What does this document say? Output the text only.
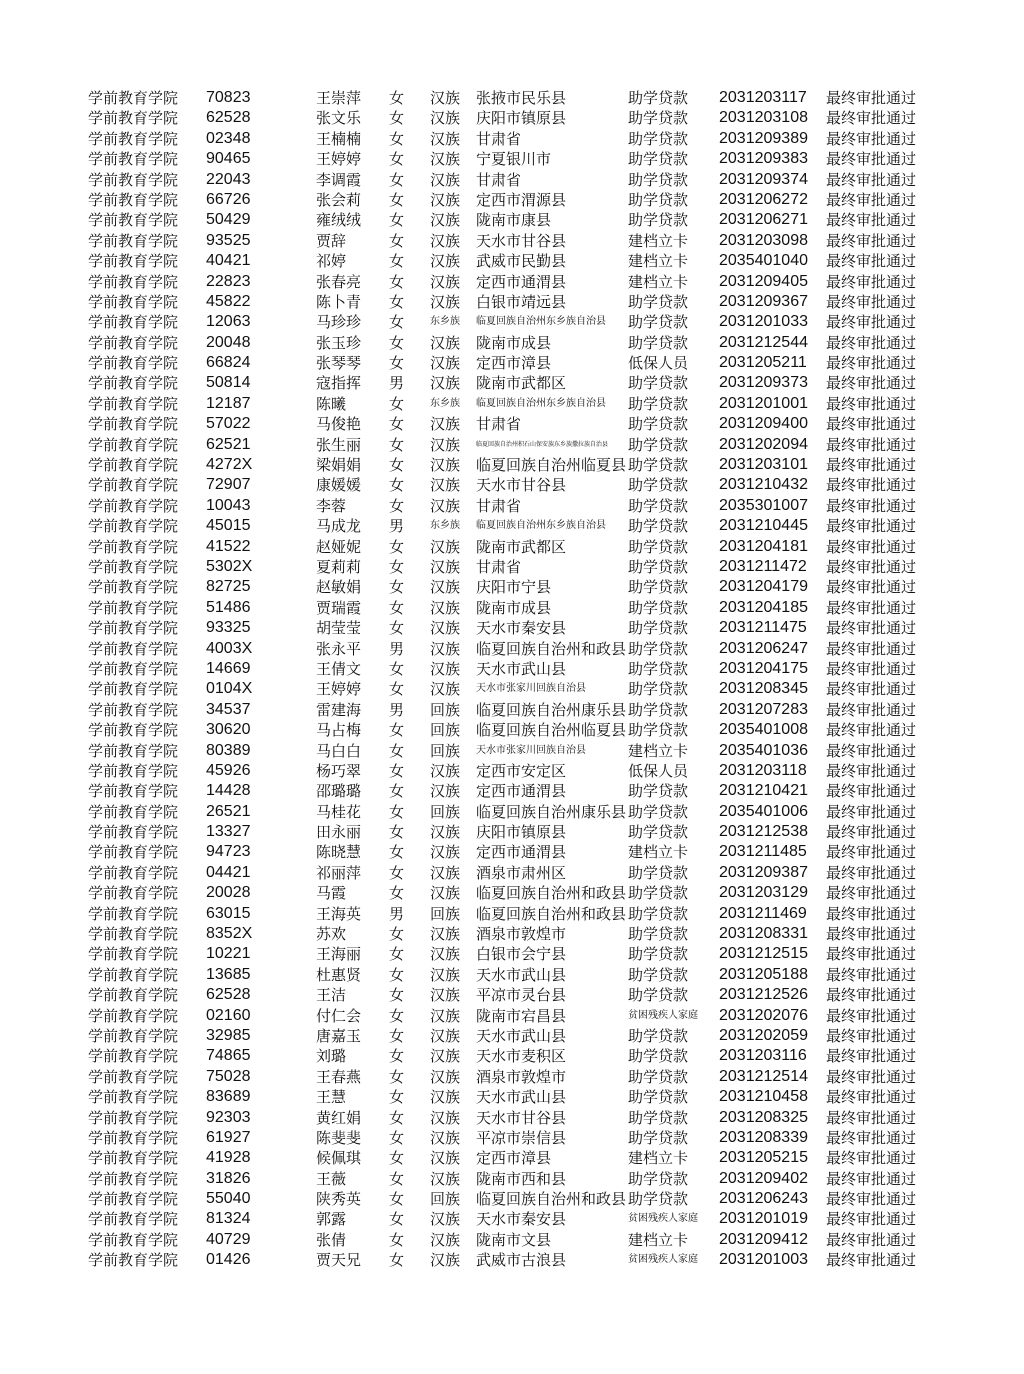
学前教育学院 70823	王崇萍 女 汉族 张掖市民乐县	助学贷款 2031203117 最终审批通过
学前教育学院 62528	张文乐 女 汉族 庆阳市镇原县	助学贷款 2031203108 最终审批通过
学前教育学院 02348	王楠楠 女 汉族 甘肃省	助学贷款 2031209389 最终审批通过
学前教育学院 90465	王婷婷 女 汉族 宁夏银川市	助学贷款 2031209383 最终审批通过
学前教育学院 22043	李调霞 女 汉族 甘肃省	助学贷款 2031209374 最终审批通过
学前教育学院 66726	张会莉 女 汉族 定西市渭源县	助学贷款 2031206272 最终审批通过
学前教育学院 50429	雍绒绒 女 汉族 陇南市康县	助学贷款 2031206271 最终审批通过
学前教育学院 93525	贾辞	女 汉族 天水市甘谷县	建档立卡 2031203098 最终审批通过
学前教育学院 40421	祁婷	女 汉族 武威市民勤县	建档立卡 2035401040 最终审批通过
学前教育学院 22823	张春亮 女 汉族 定西市通渭县	建档立卡 2031209405 最终审批通过
学前教育学院 45822	陈卜青 女 汉族 白银市靖远县	助学贷款 2031209367 最终审批通过
学前教育学院 12063	马珍珍 女	东乡族 临夏回族自治州东乡族自治县 助学贷款 2031201033 最终审批通过
学前教育学院 20048	张玉珍 女 汉族 陇南市成县	助学贷款 2031212544 最终审批通过
学前教育学院 66824	张琴琴 女 汉族 定西市漳县	低保人员 2031205211 最终审批通过
学前教育学院 50814	寇指挥 男 汉族 陇南市武都区	助学贷款 2031209373 最终审批通过
学前教育学院 12187	陈曦	女	东乡族 临夏回族自治州东乡族自治县 助学贷款 2031201001 最终审批通过
学前教育学院 57022	马俊艳 女 汉族 甘肃省	助学贷款 2031209400 最终审批通过
学前教育学院 62521	张生丽 女 汉族	临夏回族自治州积石山保安族东乡族撒拉族自治县 助学贷款 2031202094 最终审批通过
学前教育学院 4272X	梁娟娟 女 汉族 临夏回族自治州临夏县 助学贷款 2031203101 最终审批通过
学前教育学院 72907	康媛媛 女 汉族 天水市甘谷县	助学贷款 2031210432 最终审批通过
学前教育学院 10043	李蓉	女 汉族 甘肃省	助学贷款 2035301007 最终审批通过
学前教育学院 45015	马成龙 男	东乡族 临夏回族自治州东乡族自治县 助学贷款 2031210445 最终审批通过
学前教育学院 41522	赵娅妮 女 汉族 陇南市武都区	助学贷款 2031204181 最终审批通过
学前教育学院 5302X	夏莉莉 女 汉族 甘肃省	助学贷款 2031211472 最终审批通过
学前教育学院 82725	赵敏娟 女 汉族 庆阳市宁县	助学贷款 2031204179 最终审批通过
学前教育学院 51486	贾瑞霞 女 汉族 陇南市成县	助学贷款 2031204185 最终审批通过
学前教育学院 93325	胡莹莹 女 汉族 天水市秦安县	助学贷款 2031211475 最终审批通过
学前教育学院 4003X	张永平 男 汉族 临夏回族自治州和政县 助学贷款 2031206247 最终审批通过
学前教育学院 14669	王倩文 女 汉族 天水市武山县	助学贷款 2031204175 最终审批通过
学前教育学院 0104X	王婷婷 女 汉族 天水市张家川回族自治县	助学贷款 2031208345 最终审批通过
学前教育学院 34537	雷建海 男 回族 临夏回族自治州康乐县 助学贷款 2031207283 最终审批通过
学前教育学院 30620	马占梅 女 回族 临夏回族自治州临夏县 助学贷款 2035401008 最终审批通过
学前教育学院 80389	马白白 女 回族 天水市张家川回族自治县	建档立卡 2035401036 最终审批通过
学前教育学院 45926	杨巧翠 女 汉族 定西市安定区	低保人员 2031203118 最终审批通过
学前教育学院 14428	邵璐璐 女 汉族 定西市通渭县	助学贷款 2031210421 最终审批通过
学前教育学院 26521	马桂花 女 回族 临夏回族自治州康乐县 助学贷款 2035401006 最终审批通过
学前教育学院 13327	田永丽 女 汉族 庆阳市镇原县	助学贷款 2031212538 最终审批通过
学前教育学院 94723	陈晓慧 女 汉族 定西市通渭县	建档立卡 2031211485 最终审批通过
学前教育学院 04421	祁丽萍 女 汉族 酒泉市肃州区	助学贷款 2031209387 最终审批通过
学前教育学院 20028	马霞	女 汉族 临夏回族自治州和政县 助学贷款 2031203129 最终审批通过
学前教育学院 63015	王海英 男 回族 临夏回族自治州和政县 助学贷款 2031211469 最终审批通过
学前教育学院 8352X	苏欢	女 汉族 酒泉市敦煌市	助学贷款 2031208331 最终审批通过
学前教育学院 10221	王海丽 女 汉族 白银市会宁县	助学贷款 2031212515 最终审批通过
学前教育学院 13685	杜惠贤 女 汉族 天水市武山县	助学贷款 2031205188 最终审批通过
学前教育学院 62528	王洁	女 汉族 平凉市灵台县	助学贷款 2031212526 最终审批通过
学前教育学院 02160	付仁会 女 汉族 陇南市宕昌县	贫困残疾人家庭 2031202076 最终审批通过
学前教育学院 32985	唐嘉玉 女 汉族 天水市武山县	助学贷款 2031202059 最终审批通过
学前教育学院 74865	刘璐	女 汉族 天水市麦积区	助学贷款 2031203116 最终审批通过
学前教育学院 75028	王春燕 女 汉族 酒泉市敦煌市	助学贷款 2031212514 最终审批通过
学前教育学院 83689	王慧	女 汉族 天水市武山县	助学贷款 2031210458 最终审批通过
学前教育学院 92303	黄红娟 女 汉族 天水市甘谷县	助学贷款 2031208325 最终审批通过
学前教育学院 61927	陈斐斐 女 汉族 平凉市崇信县	助学贷款 2031208339 最终审批通过
学前教育学院 41928	候佩琪 女 汉族 定西市漳县	建档立卡 2031205215 最终审批通过
学前教育学院 31826	王薇	女 汉族 陇南市西和县	助学贷款 2031209402 最终审批通过
学前教育学院 55040	陕秀英 女 回族 临夏回族自治州和政县 助学贷款 2031206243 最终审批通过
学前教育学院 81324	郭露	女 汉族 天水市秦安县	贫困残疾人家庭 2031201019 最终审批通过
学前教育学院 40729	张倩	女 汉族 陇南市文县	建档立卡 2031209412 最终审批通过
学前教育学院 01426	贾天兄 女 汉族 武威市古浪县	贫困残疾人家庭 2031201003 最终审批通过
